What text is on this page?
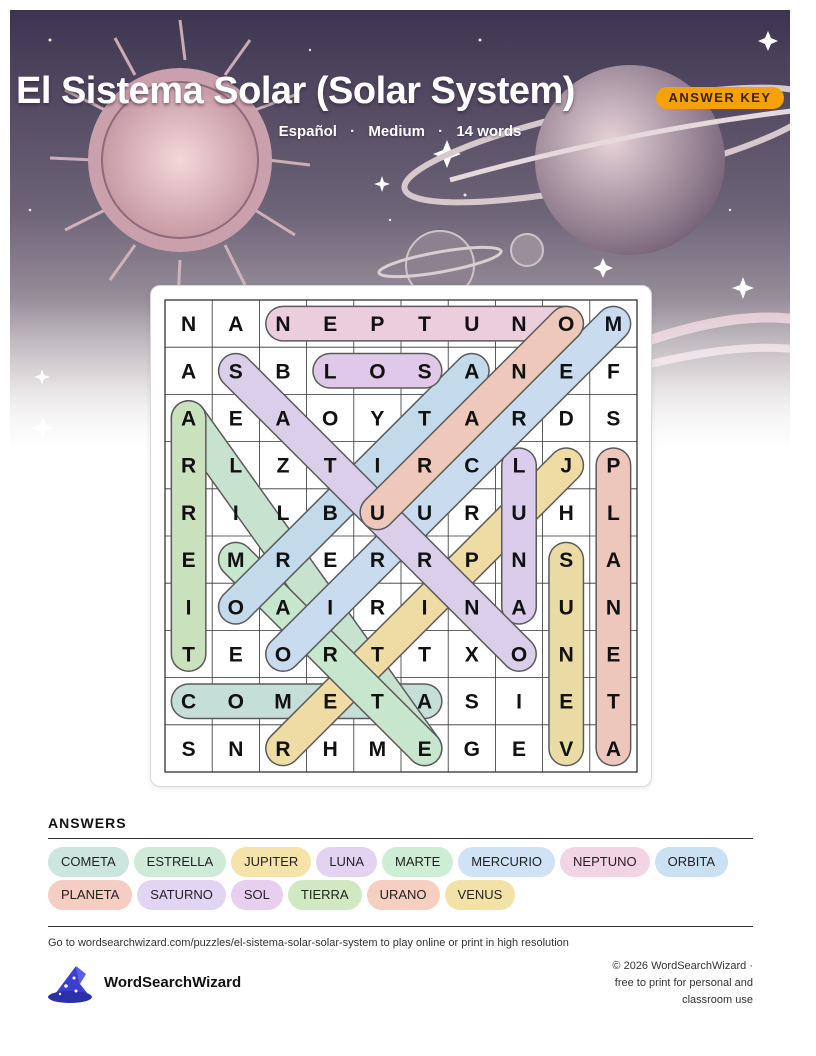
El Sistema Solar (Solar System)	ANSWER KEY
Español · Medium · 14 words
N A N E P T U N O M
A S B L O S A N E F
A E A O Y T A R D S
R L Z T I R C L J P
R I L B U U R U H L
E M R E R R P N S A
I O A I R I N A U N
T E O R T T X O N E
C O M E T A S I E T
S N R H M E G E V A
ANSWERS
COMETA ESTRELLA JUPITER LUNA MARTE MERCURIO NEPTUNO ORBITAPLANETA SATURNO SOL TIERRA URANO VENUS
Go to wordsearchwizard.com/puzzles/el-sistema-solar-solar-system to play online or print in high resolution
WordSearchWizard
© 2026 WordSearchWizard ·
free to print for personal and
classroom use
